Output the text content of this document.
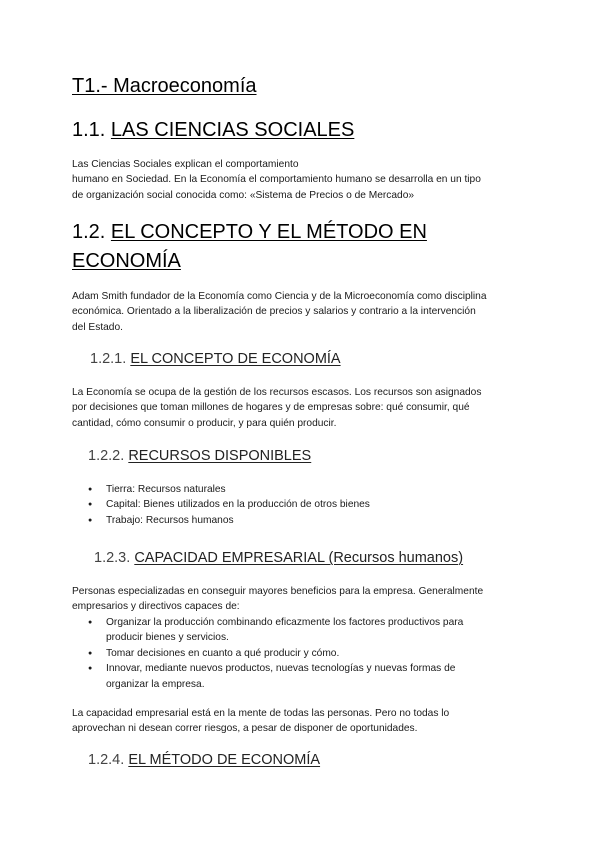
T1.- Macroeconomía
1.1. LAS CIENCIAS SOCIALES

Las Ciencias Sociales explican el comportamiento
humano en Sociedad. En la Economía el comportamiento humano se desarrolla en un tipo
de organización social conocida como: «Sistema de Precios o de Mercado»

1.2. EL CONCEPTO Y EL MÉTODO EN
ECONOMÍA

Adam Smith fundador de la Economía como Ciencia y de la Microeconomía como disciplina
económica. Orientado a la liberalización de precios y salarios y contrario a la intervención
del Estado.

1.2.1. EL CONCEPTO DE ECONOMÍA

La Economía se ocupa de la gestión de los recursos escasos. Los recursos son asignados
por decisiones que toman millones de hogares y de empresas sobre: qué consumir, qué
cantidad, cómo consumir o producir, y para quién producir.

1.2.2. RECURSOS DISPONIBLES
● Tierra: Recursos naturales
● Capital: Bienes utilizados en la producción de otros bienes
● Trabajo: Recursos humanos
1.2.3. CAPACIDAD EMPRESARIAL (Recursos humanos)

Personas especializadas en conseguir mayores beneficios para la empresa. Generalmente
empresarios y directivos capaces de:

● Organizar la producción combinando eficazmente los factores productivos para
producir bienes y servicios.
● Tomar decisiones en cuanto a qué producir y cómo.
● Innovar, mediante nuevos productos, nuevas tecnologías y nuevas formas de
organizar la empresa.

La capacidad empresarial está en la mente de todas las personas. Pero no todas lo
aprovechan ni desean correr riesgos, a pesar de disponer de oportunidades.

1.2.4. EL MÉTODO DE ECONOMÍA
